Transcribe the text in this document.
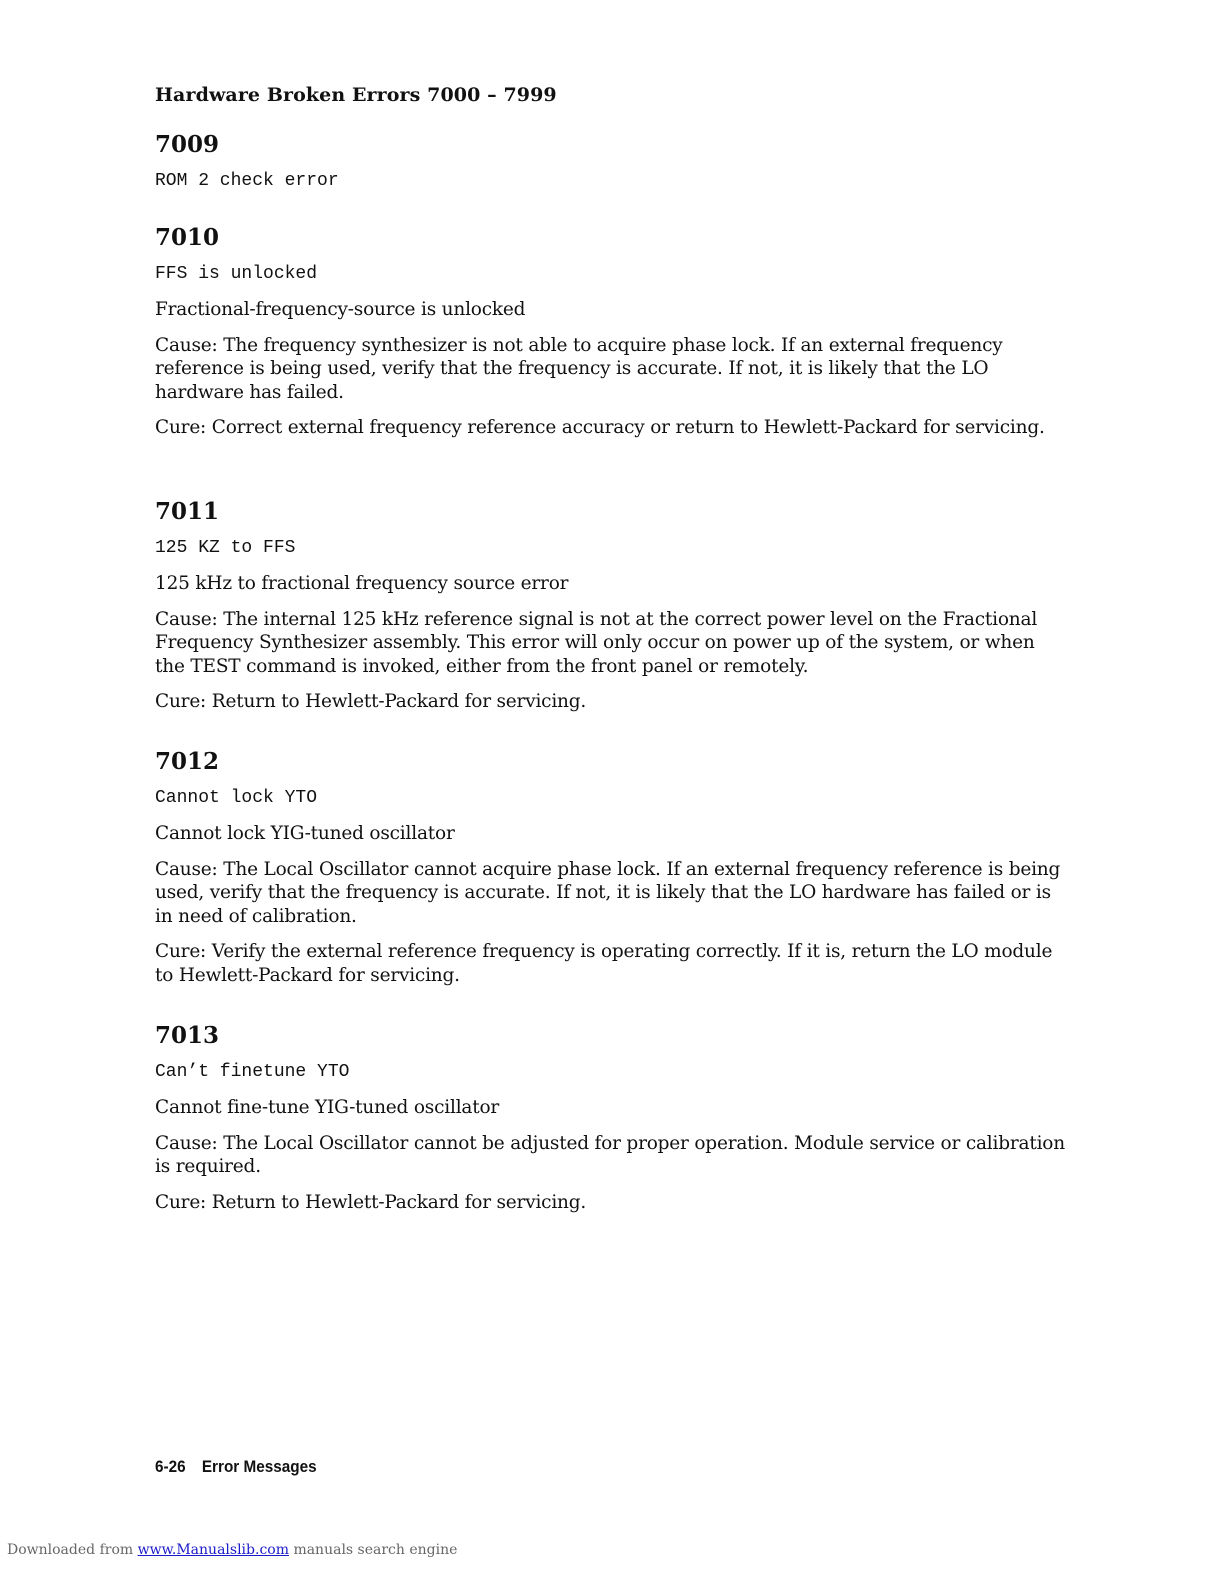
Hardware Broken Errors 7000 – 7999
7009
ROM 2 check error
7010
FFS is unlocked
Fractional-frequency-source is unlocked
Cause: The frequency synthesizer is not able to acquire phase lock. If an external frequency reference is being used, verify that the frequency is accurate. If not, it is likely that the LO hardware has failed.
Cure: Correct external frequency reference accuracy or return to Hewlett-Packard for servicing.
7011
125 KZ to FFS
125 kHz to fractional frequency source error
Cause: The internal 125 kHz reference signal is not at the correct power level on the Fractional Frequency Synthesizer assembly. This error will only occur on power up of the system, or when the TEST command is invoked, either from the front panel or remotely.
Cure: Return to Hewlett-Packard for servicing.
7012
Cannot lock YTO
Cannot lock YIG-tuned oscillator
Cause: The Local Oscillator cannot acquire phase lock. If an external frequency reference is being used, verify that the frequency is accurate. If not, it is likely that the LO hardware has failed or is in need of calibration.
Cure: Verify the external reference frequency is operating correctly. If it is, return the LO module to Hewlett-Packard for servicing.
7013
Can’t finetune YTO
Cannot fine-tune YIG-tuned oscillator
Cause: The Local Oscillator cannot be adjusted for proper operation. Module service or calibration is required.
Cure: Return to Hewlett-Packard for servicing.
6-26 Error Messages
Downloaded from www.Manualslib.com manuals search engine
